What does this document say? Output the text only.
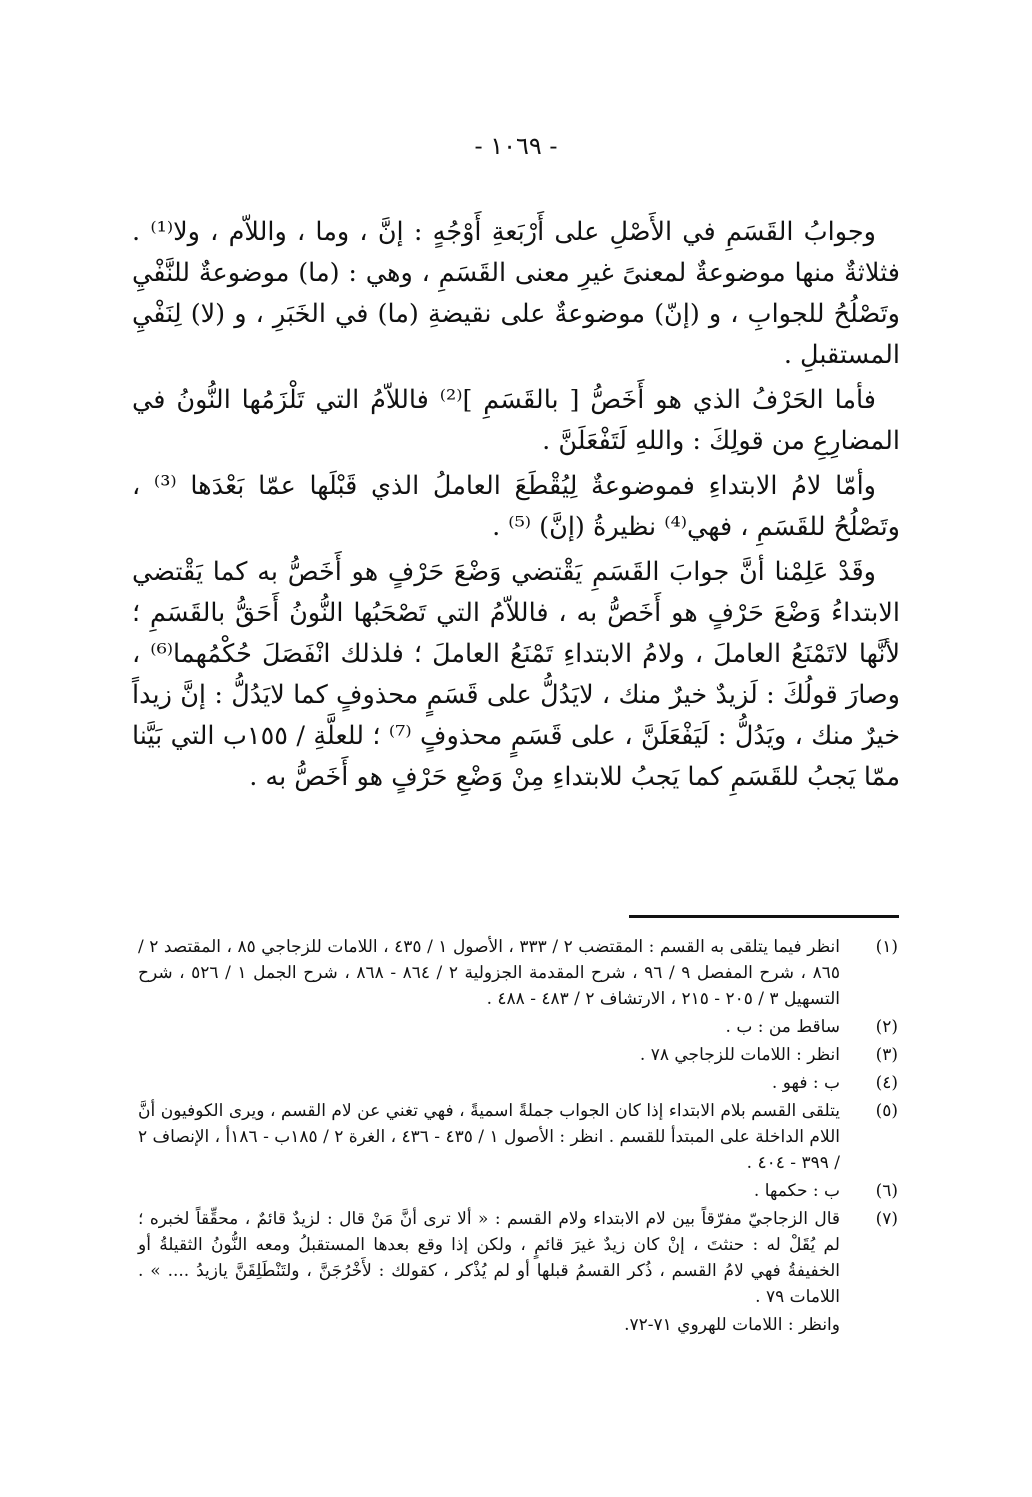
- ١٠٦٩ -

وجوابُ القَسَمِ في الأَصْلِ على أَرْبَعةِ أَوْجُهٍ : إنَّ ، وما ، واللاّم ، ولا⁽¹⁾ . فثلاثةٌ منها موضوعةٌ لمعنىً غيرِ معنى القَسَمِ ، وهي : (ما) موضوعةٌ للنَّفْيِ وتَصْلُحُ للجوابِ ، و (إنّ) موضوعةٌ على نقيضةِ (ما) في الخَبَرِ ، و (لا) لِنَفْيِ المستقبلِ .

فأما الحَرْفُ الذي هو أَخَصُّ [ بالقَسَمِ ]⁽²⁾ فاللاّمُ التي تَلْزَمُها النُّونُ في المضارِعِ من قولِكَ : واللهِ لَتَفْعَلَنَّ .

وأمّا لامُ الابتداءِ فموضوعةٌ لِيُقْطَعَ العاملُ الذي قَبْلَها عمّا بَعْدَها ⁽³⁾ ، وتَصْلُحُ للقَسَمِ ، فهي⁽⁴⁾ نظيرةُ (إنَّ) ⁽⁵⁾ .

وقَدْ عَلِمْنا أنَّ جوابَ القَسَمِ يَقْتضي وَضْعَ حَرْفٍ هو أَخَصُّ به كما يَقْتضي الابتداءُ وَضْعَ حَرْفٍ هو أَخَصُّ به ، فاللاّمُ التي تَصْحَبُها النُّونُ أَحَقُّ بالقَسَمِ ؛ لأنَّها لاتَمْنَعُ العاملَ ، ولامُ الابتداءِ تَمْنَعُ العاملَ ؛ فلذلك انْفَصَلَ حُكْمُهما⁽⁶⁾ ، وصارَ قولُكَ : لَزيدٌ خيرٌ منك ، لايَدُلُّ على قَسَمٍ محذوفٍ كما لايَدُلُّ : إنَّ زيداً خيرٌ منك ، ويَدُلُّ : لَيَفْعَلَنَّ ، على قَسَمٍ محذوفٍ ⁽⁷⁾ ؛ للعلَّةِ / ١٥٥ب التي بَيَّنا ممّا يَجبُ للقَسَمِ كما يَجبُ للابتداءِ مِنْ وَضْعِ حَرْفٍ هو أَخَصُّ به .

(١)
انظر فيما يتلقى به القسم : المقتضب ٢ / ٣٣٣ ، الأصول ١ / ٤٣٥ ، اللامات للزجاجي ٨٥ ، المقتصد ٢ / ٨٦٥ ، شرح المفصل ٩ / ٩٦ ، شرح المقدمة الجزولية ٢ / ٨٦٤ - ٨٦٨ ، شرح الجمل ١ / ٥٢٦ ، شرح التسهيل ٣ / ٢٠٥ - ٢١٥ ، الارتشاف ٢ / ٤٨٣ - ٤٨٨ .
(٢)
ساقط من : ب .
(٣)
انظر : اللامات للزجاجي ٧٨ .
(٤)
ب : فهو .
(٥)
يتلقى القسم بلام الابتداء إذا كان الجواب جملةً اسميةً ، فهي تغني عن لام القسم ، ويرى الكوفيون أنَّ اللام الداخلة على المبتدأ للقسم . انظر : الأصول ١ / ٤٣٥ - ٤٣٦ ، الغرة ٢ / ١٨٥ب - ١٨٦أ ، الإنصاف ٢ / ٣٩٩ - ٤٠٤ .
(٦)
ب : حكمها .
(٧)
قال الزجاجيّ مفرّقاً بين لام الابتداء ولام القسم : « ألا ترى أنَّ مَنْ قال : لزيدٌ قائمٌ ، محقِّقاً لخبره ؛ لم يُقَلْ له : حنثتَ ، إنْ كان زيدٌ غيرَ قائمٍ ، ولكن إذا وقع بعدها المستقبلُ ومعه النُّونُ الثقيلةُ أو الخفيفةُ فهي لامُ القسم ، ذُكر القسمُ قبلها أو لم يُذْكر ، كقولك : لأَخْرُجَنَّ ، ولتَنْطَلِقَنَّ يازيدُ .... » . اللامات ٧٩ .
وانظر : اللامات للهروي ٧١-٧٢.
